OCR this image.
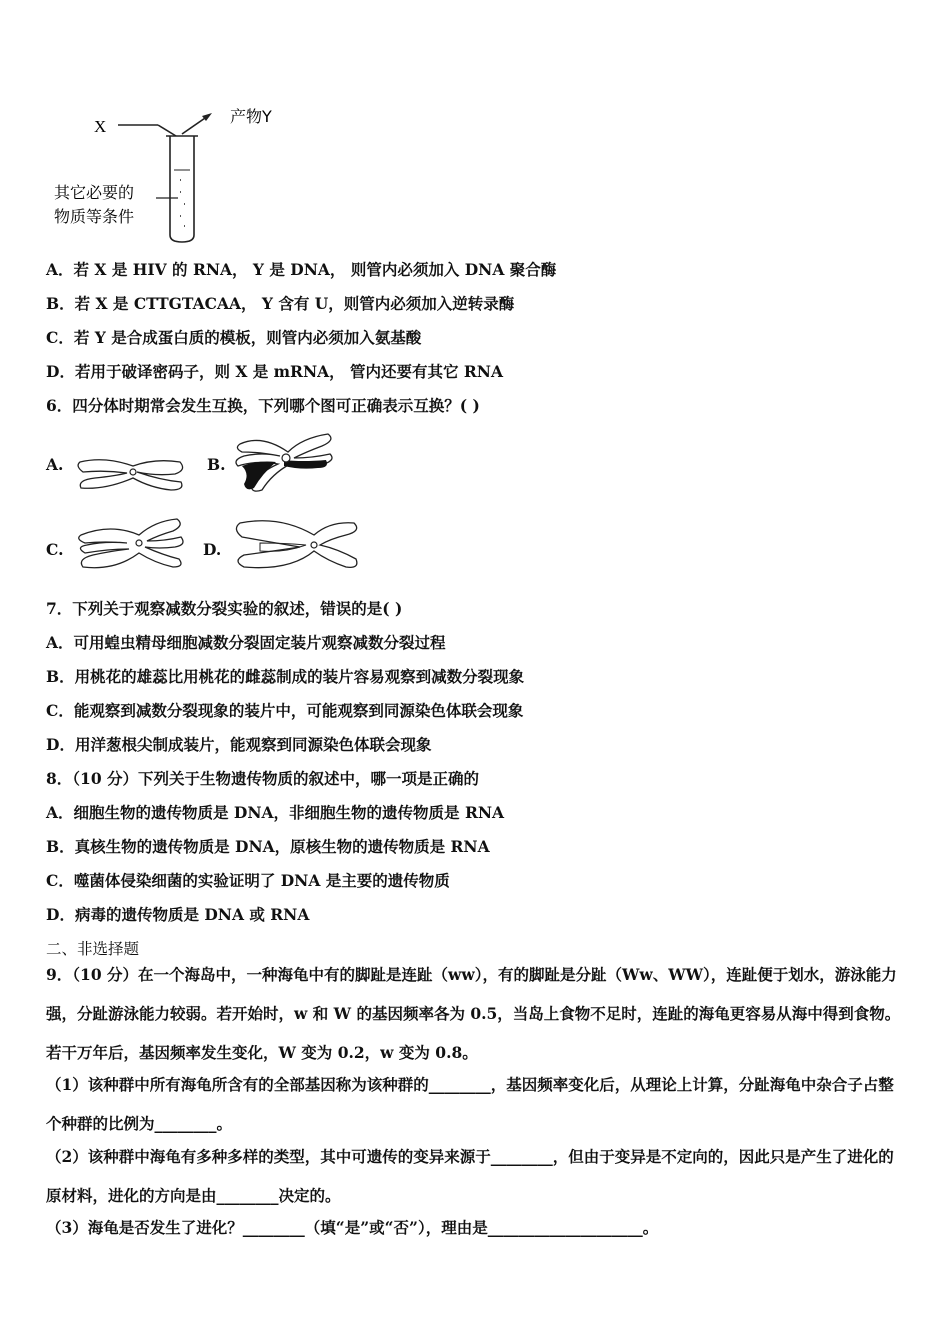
X
产物Y
其它必要的
物质等条件
A．若 X 是 HIV 的 RNA， Y 是 DNA， 则管内必须加入 DNA 聚合酶
B．若 X 是 CTTGTACAA， Y 含有 U，则管内必须加入逆转录酶
C．若 Y 是合成蛋白质的模板，则管内必须加入氨基酸
D．若用于破译密码子，则 X 是 mRNA， 管内还要有其它 RNA
6．四分体时期常会发生互换，下列哪个图可正确表示互换？( )
A.	B.
C.	D.
7．下列关于观察减数分裂实验的叙述，错误的是( )
A．可用蝗虫精母细胞减数分裂固定装片观察减数分裂过程
B．用桃花的雄蕊比用桃花的雌蕊制成的装片容易观察到减数分裂现象
C．能观察到减数分裂现象的装片中，可能观察到同源染色体联会现象
D．用洋葱根尖制成装片，能观察到同源染色体联会现象
8．（10 分）下列关于生物遗传物质的叙述中，哪一项是正确的
A．细胞生物的遗传物质是 DNA，非细胞生物的遗传物质是 RNA
B．真核生物的遗传物质是 DNA，原核生物的遗传物质是 RNA
C．噬菌体侵染细菌的实验证明了 DNA 是主要的遗传物质
D．病毒的遗传物质是 DNA 或 RNA
二、非选择题
9．（10 分）在一个海岛中，一种海龟中有的脚趾是连趾（ww），有的脚趾是分趾（Ww、WW），连趾便于划水，游泳能力强，分趾游泳能力较弱。若开始时，w 和 W 的基因频率各为 0.5，当岛上食物不足时，连趾的海龟更容易从海中得到食物。若干万年后，基因频率发生变化，W 变为 0.2，w 变为 0.8。
（1）该种群中所有海龟所含有的全部基因称为该种群的________，基因频率变化后，从理论上计算，分趾海龟中杂合子占整个种群的比例为________。
（2）该种群中海龟有多种多样的类型，其中可遗传的变异来源于________，但由于变异是不定向的，因此只是产生了进化的原材料，进化的方向是由________决定的。
（3）海龟是否发生了进化？________（填“是”或“否”），理由是____________________。
